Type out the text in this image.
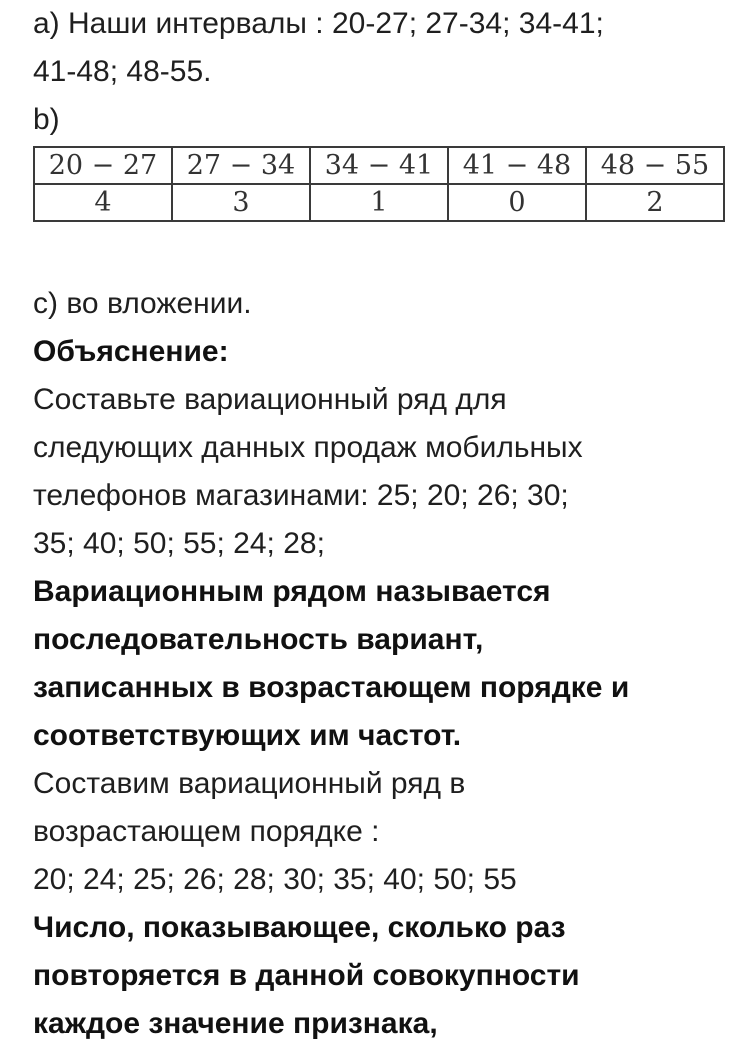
a) Наши интервалы : 20-27; 27-34; 34-41;

41-48; 48-55.

b)

20 − 27	27 − 34	34 − 41	41 − 48	48 − 55
4	3	1	0	2

c) во вложении.

Объяснение:

Составьте вариационный ряд для

следующих данных продаж мобильных

телефонов магазинами: 25; 20; 26; 30;

35; 40; 50; 55; 24; 28;

Вариационным рядом называется

последовательность вариант,

записанных в возрастающем порядке и

соответствующих им частот.

Составим вариационный ряд в

возрастающем порядке :

20; 24; 25; 26; 28; 30; 35; 40; 50; 55

Число, показывающее, сколько раз

повторяется в данной совокупности

каждое значение признака,
